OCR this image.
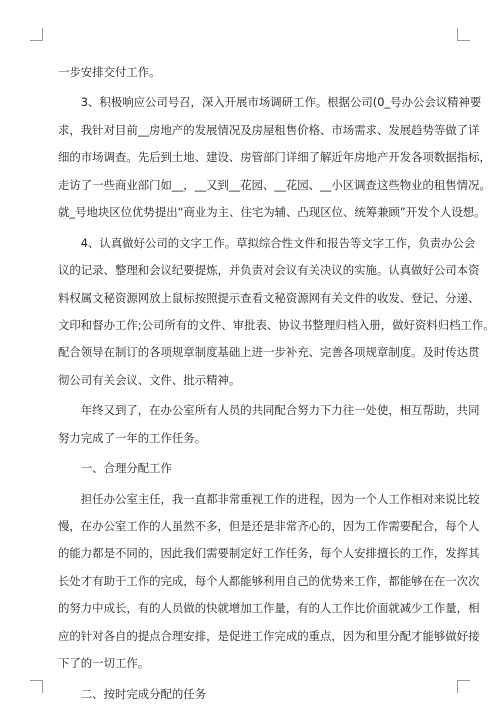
一步安排交付工作。
　　3、积极响应公司号召，深入开展市场调研工作。根据公司(0_号办公会议精神要
求，我针对目前__房地产的发展情况及房屋租售价格、市场需求、发展趋势等做了详
细的市场调查。先后到土地、建设、房管部门详细了解近年房地产开发各项数据指标，
走访了一些商业部门如__，__又到__花园、__花园、__小区调查这些物业的租售情况。
就_号地块区位优势提出“商业为主、住宅为辅、凸现区位、统筹兼顾”开发个人设想。
　　4、认真做好公司的文字工作。草拟综合性文件和报告等文字工作，负责办公会
议的记录、整理和会议纪要提炼，并负责对会议有关决议的实施。认真做好公司本资
料权属文秘资源网放上鼠标按照提示查看文秘资源网有关文件的收发、登记、分递、
文印和督办工作;公司所有的文件、审批表、协议书整理归档入册，做好资料归档工作。
配合领导在制订的各项规章制度基础上进一步补充、完善各项规章制度。及时传达贯
彻公司有关会议、文件、批示精神。
　　年终又到了，在办公室所有人员的共同配合努力下力往一处使，相互帮助，共同
努力完成了一年的工作任务。
　　一、合理分配工作
　　担任办公室主任，我一直都非常重视工作的进程，因为一个人工作相对来说比较
慢，在办公室工作的人虽然不多，但是还是非常齐心的，因为工作需要配合，每个人
的能力都是不同的，因此我们需要制定好工作任务，每个人安排擅长的工作，发挥其
长处才有助于工作的完成，每个人都能够利用自己的优势来工作，都能够在在一次次
的努力中成长，有的人员做的快就增加工作量，有的人工作比价面就减少工作量，相
应的针对各自的提点合理安排，是促进工作完成的重点，因为和里分配才能够做好接
下了的一切工作。
　　二、按时完成分配的任务
